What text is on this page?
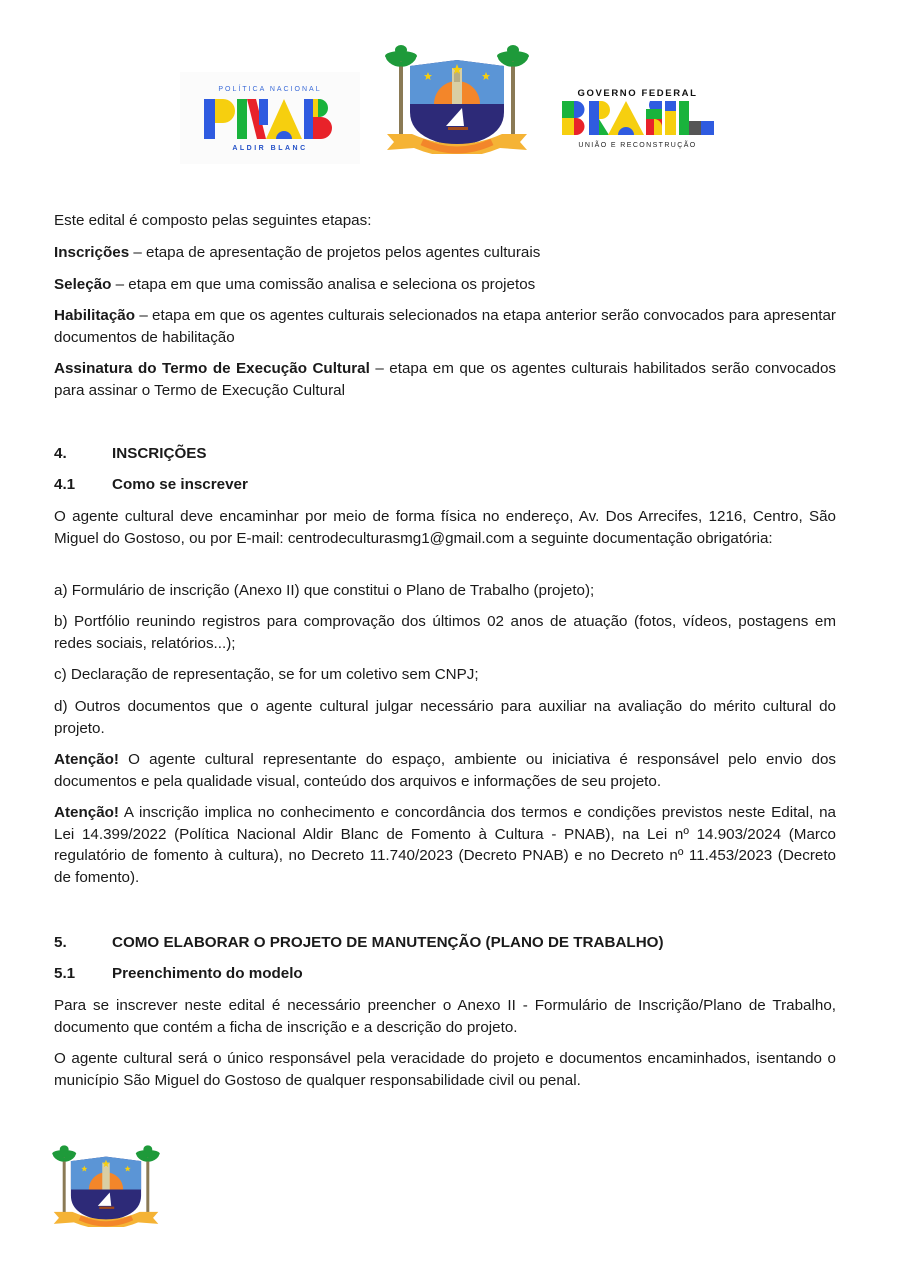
POLÍTICA NACIONAL
ALDIR BLANC
GOVERNO FEDERAL
UNIÃO E RECONSTRUÇÃO

Este edital é composto pelas seguintes etapas:

Inscrições – etapa de apresentação de projetos pelos agentes culturais

Seleção – etapa em que uma comissão analisa e seleciona os projetos

Habilitação – etapa em que os agentes culturais selecionados na etapa anterior serão convocados para apresentar documentos de habilitação

Assinatura do Termo de Execução Cultural – etapa em que os agentes culturais habilitados serão convocados para assinar o Termo de Execução Cultural

4.	INSCRIÇÕES
4.1 Como se inscrever

O agente cultural deve encaminhar por meio de forma física no endereço, Av. Dos Arrecifes, 1216, Centro, São Miguel do Gostoso, ou por E-mail: centrodeculturasmg1@gmail.com a seguinte documentação obrigatória:

a) Formulário de inscrição (Anexo II) que constitui o Plano de Trabalho (projeto);

b) Portfólio reunindo registros para comprovação dos últimos 02 anos de atuação (fotos, vídeos, postagens em redes sociais, relatórios...);

c) Declaração de representação, se for um coletivo sem CNPJ;

d) Outros documentos que o agente cultural julgar necessário para auxiliar na avaliação do mérito cultural do projeto.

Atenção! O agente cultural representante do espaço, ambiente ou iniciativa é responsável pelo envio dos documentos e pela qualidade visual, conteúdo dos arquivos e informações de seu projeto.

Atenção! A inscrição implica no conhecimento e concordância dos termos e condições previstos neste Edital, na Lei 14.399/2022 (Política Nacional Aldir Blanc de Fomento à Cultura - PNAB), na Lei nº 14.903/2024 (Marco regulatório de fomento à cultura), no Decreto 11.740/2023 (Decreto PNAB) e no Decreto nº 11.453/2023 (Decreto de fomento).

5.	COMO ELABORAR O PROJETO DE MANUTENÇÃO (PLANO DE TRABALHO)
5.1 Preenchimento do modelo

Para se inscrever neste edital é necessário preencher o Anexo II - Formulário de Inscrição/Plano de Trabalho, documento que contém a ficha de inscrição e a descrição do projeto.

O agente cultural será o único responsável pela veracidade do projeto e documentos encaminhados, isentando o município São Miguel do Gostoso de qualquer responsabilidade civil ou penal.
